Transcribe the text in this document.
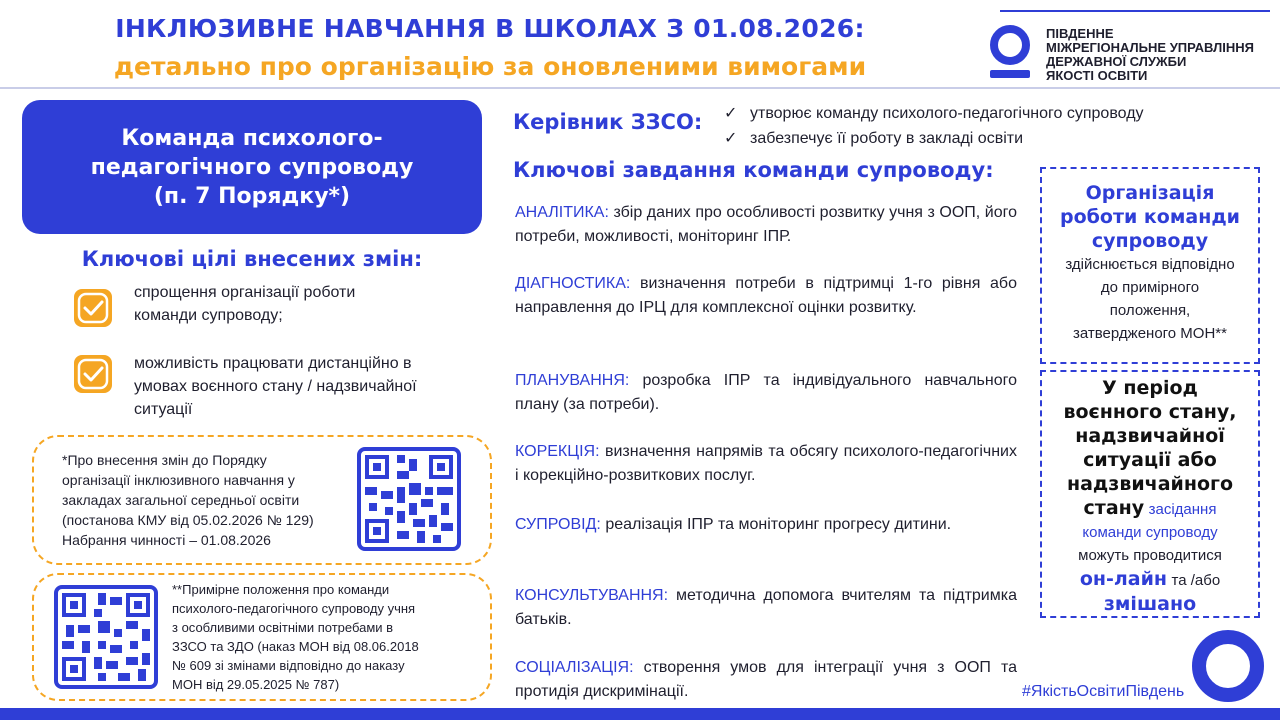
ІНКЛЮЗИВНЕ НАВЧАННЯ В ШКОЛАХ З 01.08.2026:
детально про організацію за оновленими вимогами
ПІВДЕННЕ
МІЖРЕГІОНАЛЬНЕ УПРАВЛІННЯ
ДЕРЖАВНОЇ СЛУЖБИ
ЯКОСТІ ОСВІТИ
Команда психолого-
педагогічного супроводу
(п. 7 Порядку*)
Ключові цілі внесених змін:
спрощення організації роботи
команди супроводу;
можливість працювати дистанційно в
умовах воєнного стану / надзвичайної
ситуації
*Про внесення змін до Порядку
організації інклюзивного навчання у
закладах загальної середньої освіти
(постанова КМУ від 05.02.2026 № 129)
Набрання чинності – 01.08.2026
**Примірне положення про команди
психолого-педагогічного супроводу учня
з особливими освітніми потребами в
ЗЗСО та ЗДО (наказ МОН від 08.06.2018
№ 609 зі змінами відповідно до наказу
МОН від 29.05.2025 № 787)
Керівник ЗЗСО: ✓ утворює команду психолого-педагогічного супроводу
✓ забезпечує її роботу в закладі освіти
Ключові завдання команди супроводу:
АНАЛІТИКА: збір даних про особливості розвитку учня з ООП, його потреби, можливості, моніторинг ІПР.
ДІАГНОСТИКА: визначення потреби в підтримці 1-го рівня або направлення до ІРЦ для комплексної оцінки розвитку.
ПЛАНУВАННЯ: розробка ІПР та індивідуального навчального плану (за потреби).
КОРЕКЦІЯ: визначення напрямів та обсягу психолого-педагогічних і корекційно-розвиткових послуг.
СУПРОВІД: реалізація ІПР та моніторинг прогресу дитини.
КОНСУЛЬТУВАННЯ: методична допомога вчителям та підтримка батьків.
СОЦІАЛІЗАЦІЯ: створення умов для інтеграції учня з ООП та протидія дискримінації.
Організація
роботи команди
супроводу
здійснюється відповідно
до примірного
положення,
затвердженого МОН**
У період
воєнного стану,
надзвичайної
ситуації або
надзвичайного
стану засідання
команди супроводу
можуть проводитися
он-лайн та /або
змішано
#ЯкістьОсвітиПівдень
